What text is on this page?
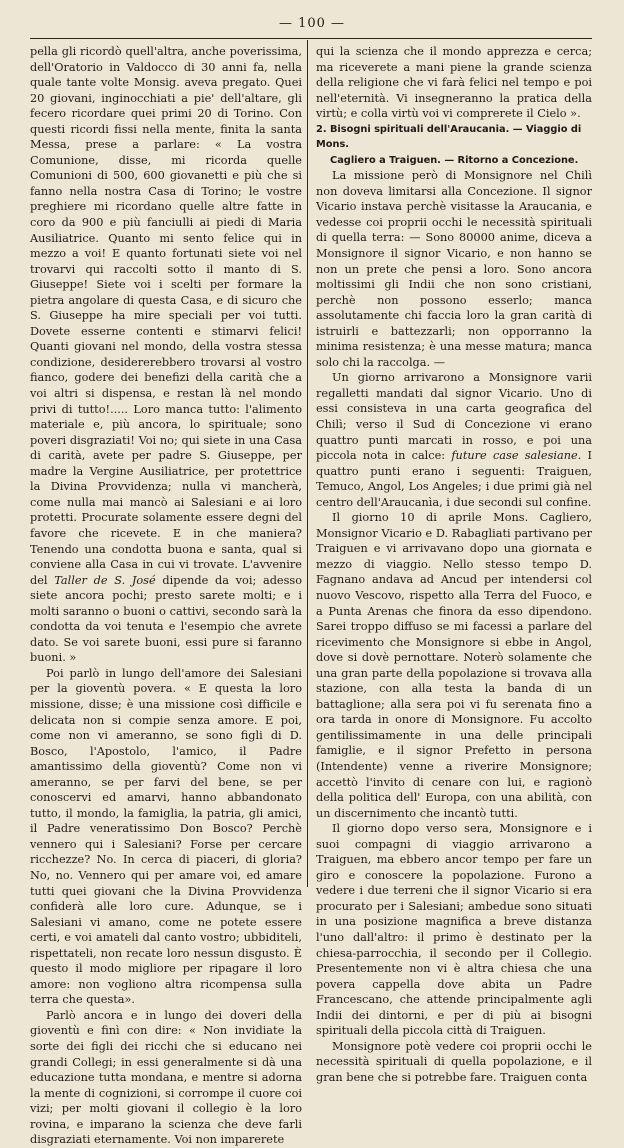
— 100 —

pella gli ricordò quell'altra, anche poverissima, dell'Oratorio in Valdocco di 30 anni fa, nella quale tante volte Monsig. aveva pregato. Quei 20 giovani, inginocchiati a pie' dell'altare, gli fecero ricordare quei primi 20 di Torino. Con questi ricordi fissi nella mente, finita la santa Messa, prese a parlare: « La vostra Comunione, disse, mi ricorda quelle Comunioni di 500, 600 giovanetti e più che si fanno nella nostra Casa di Torino; le vostre preghiere mi ricordano quelle altre fatte in coro da 900 e più fanciulli ai piedi di Maria Ausiliatrice. Quanto mi sento felice qui in mezzo a voi! E quanto fortunati siete voi nel trovarvi qui raccolti sotto il manto di S. Giuseppe! Siete voi i scelti per formare la pietra angolare di questa Casa, e di sicuro che S. Giuseppe ha mire speciali per voi tutti. Dovete esserne contenti e stimarvi felici! Quanti giovani nel mondo, della vostra stessa condizione, desidererebbero trovarsi al vostro fianco, godere dei benefizi della carità che a voi altri si dispensa, e restan là nel mondo privi di tutto!..... Loro manca tutto: l'alimento materiale e, più ancora, lo spirituale; sono poveri disgraziati! Voi no; qui siete in una Casa di carità, avete per padre S. Giuseppe, per madre la Vergine Ausiliatrice, per protettrice la Divina Provvidenza; nulla vi mancherà, come nulla mai mancò ai Salesiani e ai loro protetti. Procurate solamente essere degni del favore che ricevete. E in che maniera? Tenendo una condotta buona e santa, qual si conviene alla Casa in cui vi trovate. L'avvenire del Taller de S. José dipende da voi; adesso siete ancora pochi; presto sarete molti; e i molti saranno o buoni o cattivi, secondo sarà la condotta da voi tenuta e l'esempio che avrete dato. Se voi sarete buoni, essi pure si faranno buoni. »

Poi parlò in lungo dell'amore dei Salesiani per la gioventù povera. « E questa la loro missione, disse; è una missione così difficile e delicata non si compie senza amore. E poi, come non vi ameranno, se sono figli di D. Bosco, l'Apostolo, l'amico, il Padre amantissimo della gioventù? Come non vi ameranno, se per farvi del bene, se per conoscervi ed amarvi, hanno abbandonato tutto, il mondo, la famiglia, la patria, gli amici, il Padre veneratissimo Don Bosco? Perchè vennero qui i Salesiani? Forse per cercare ricchezze? No. In cerca di piaceri, di gloria? No, no. Vennero qui per amare voi, ed amare tutti quei giovani che la Divina Provvidenza confiderà alle loro cure. Adunque, se i Salesiani vi amano, come ne potete essere certi, e voi amateli dal canto vostro; ubbiditeli, rispettateli, non recate loro nessun disgusto. È questo il modo migliore per ripagare il loro amore: non vogliono altra ricompensa sulla terra che questa».

Parlò ancora e in lungo dei doveri della gioventù e finì con dire: « Non invidiate la sorte dei figli dei ricchi che si educano nei grandi Collegi; in essi generalmente si dà una educazione tutta mondana, e mentre si adorna la mente di cognizioni, si corrompe il cuore coi vizi; per molti giovani il collegio è la loro rovina, e imparano la scienza che deve farli disgraziati eternamente. Voi non imparerete

qui la scienza che il mondo apprezza e cerca; ma riceverete a mani piene la grande scienza della religione che vi farà felici nel tempo e poi nell'eternità. Vi insegneranno la pratica della virtù; e colla virtù voi vi comprerete il Cielo ».

2. Bisogni spirituali dell'Araucania. — Viaggio di Mons.
Cagliero a Traiguen. — Ritorno a Concezione.

La missione però di Monsignore nel Chilì non doveva limitarsi alla Concezione. Il signor Vicario instava perchè visitasse la Araucania, e vedesse coi proprii occhi le necessità spirituali di quella terra: — Sono 80000 anime, diceva a Monsignore il signor Vicario, e non hanno se non un prete che pensi a loro. Sono ancora moltissimi gli Indii che non sono cristiani, perchè non possono esserlo; manca assolutamente chi faccia loro la gran carità di istruirli e battezzarli; non opporranno la minima resistenza; è una messe matura; manca solo chi la raccolga. —

Un giorno arrivarono a Monsignore varii regalletti mandati dal signor Vicario. Uno di essi consisteva in una carta geografica del Chilì; verso il Sud di Concezione vi erano quattro punti marcati in rosso, e poi una piccola nota in calce: future case salesiane. I quattro punti erano i seguenti: Traiguen, Temuco, Angol, Los Angeles; i due primi già nel centro dell'Araucanìa, i due secondi sul confine.

Il giorno 10 di aprile Mons. Cagliero, Monsignor Vicario e D. Rabagliati partivano per Traiguen e vi arrivavano dopo una giornata e mezzo di viaggio. Nello stesso tempo D. Fagnano andava ad Ancud per intendersi col nuovo Vescovo, rispetto alla Terra del Fuoco, e a Punta Arenas che finora da esso dipendono. Sarei troppo diffuso se mi facessi a parlare del ricevimento che Monsignore si ebbe in Angol, dove si dovè pernottare. Noterò solamente che una gran parte della popolazione si trovava alla stazione, con alla testa la banda di un battaglione; alla sera poi vi fu serenata fino a ora tarda in onore di Monsignore. Fu accolto gentilissimamente in una delle principali famiglie, e il signor Prefetto in persona (Intendente) venne a riverire Monsignore; accettò l'invito di cenare con lui, e ragionò della politica dell' Europa, con una abilità, con un discernimento che incantò tutti.

Il giorno dopo verso sera, Monsignore e i suoi compagni di viaggio arrivarono a Traiguen, ma ebbero ancor tempo per fare un giro e conoscere la popolazione. Furono a vedere i due terreni che il signor Vicario si era procurato per i Salesiani; ambedue sono situati in una posizione magnifica a breve distanza l'uno dall'altro: il primo è destinato per la chiesa-parrocchia, il secondo per il Collegio. Presentemente non vi è altra chiesa che una povera cappella dove abita un Padre Francescano, che attende principalmente agli Indii dei dintorni, e per di più ai bisogni spirituali della piccola città di Traiguen.

Monsignore potè vedere coi proprii occhi le necessità spirituali di quella popolazione, e il gran bene che si potrebbe fare. Traiguen conta
